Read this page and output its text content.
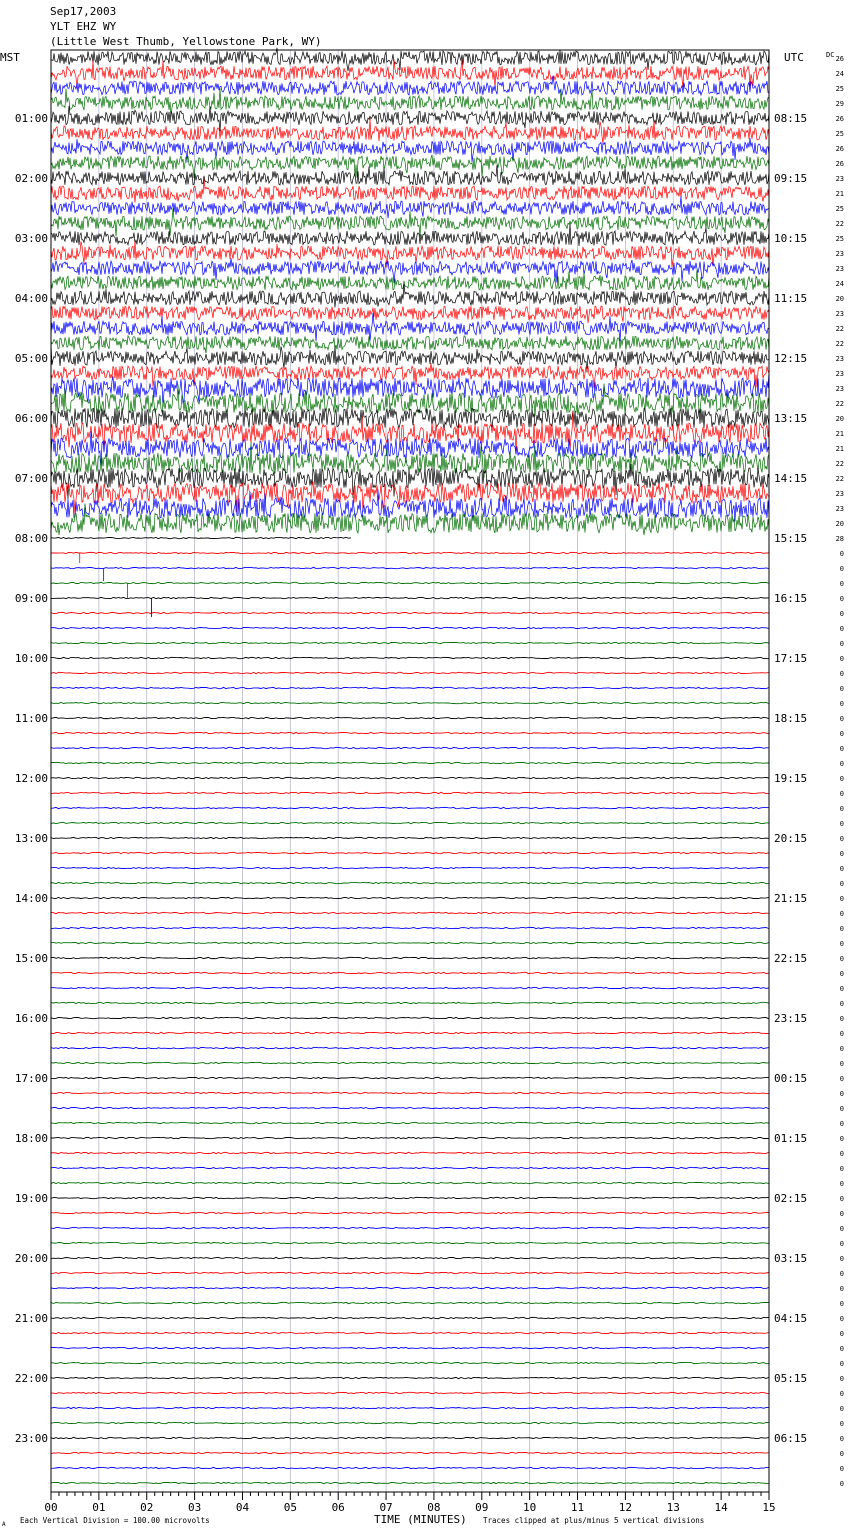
Sep17,2003
YLT EHZ WY
(Little West Thumb, Yellowstone Park, WY)
00	01	02	03	04	05	06	07	08	09	10	11	12	13	14	15
01:00
02:00
03:00
04:00
05:00
06:00
07:00
08:00
09:00
10:00
11:00
12:00
13:00
14:00
15:00
16:00
17:00
18:00
19:00
20:00
21:00
22:00
23:00
08:15
09:15
10:15
11:15
12:15
13:15
14:15
15:15
16:15
17:15
18:15
19:15
20:15
21:15
22:15
23:15
00:15
01:15
02:15
03:15
04:15
05:15
06:15
26
24
25
29
26
25
26
26
23
21
25
22
25
23
23
24
20
23
22
22
23
23
23
22
20
21
21
22
22
23
23
20
28
0
0
0
0
0
0
0
0
0
0
0
0
0
0
0
0
0
0
0
0
0
0
0
0
0
0
0
0
0
0
0
0
0
0
0
0
0
0
0
0
0
0
0
0
0
0
0
0
0
0
0
0
0
0
0
0
0
0
0
0
0
0
0
MST	UTC	DC
TIME (MINUTES)
Each Vertical Division = 100.00 microvolts	Traces clipped at plus/minus 5 vertical divisions
A
